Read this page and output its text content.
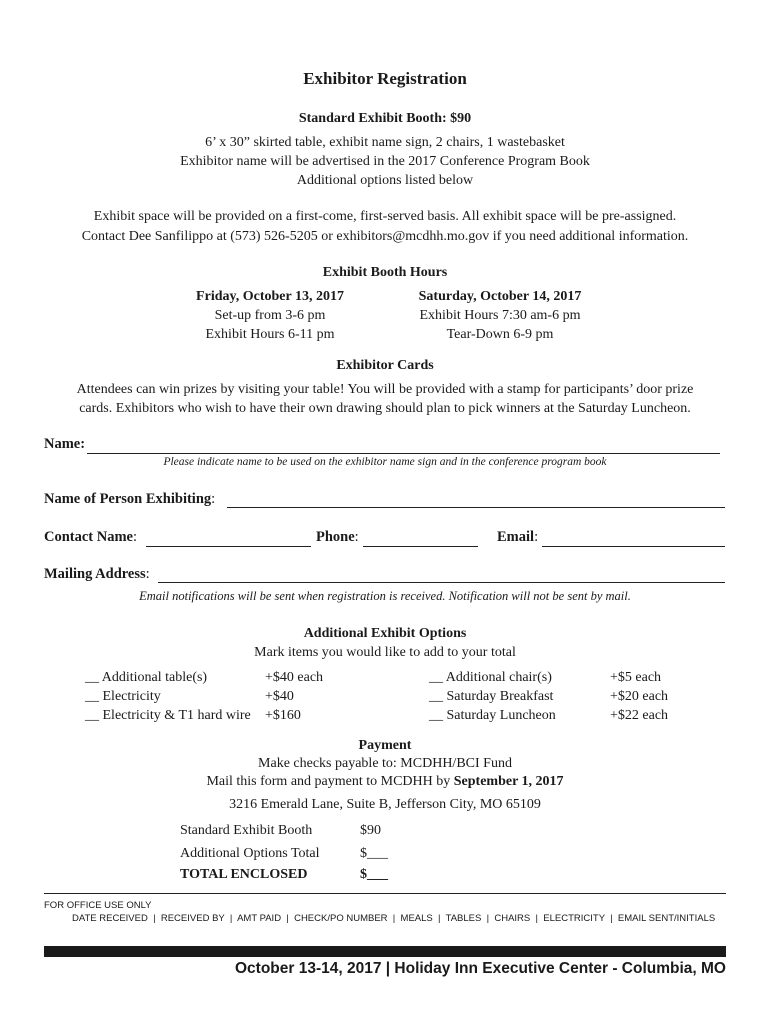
Exhibitor Registration
Standard Exhibit Booth: $90
6’ x 30” skirted table, exhibit name sign, 2 chairs, 1 wastebasket
Exhibitor name will be advertised in the 2017 Conference Program Book
Additional options listed below
Exhibit space will be provided on a first-come, first-served basis. All exhibit space will be pre-assigned.
Contact Dee Sanfilippo at (573) 526-5205 or exhibitors@mcdhh.mo.gov if you need additional information.
Exhibit Booth Hours
Friday, October 13, 2017
Set-up from 3-6 pm
Exhibit Hours 6-11 pm
Saturday, October 14, 2017
Exhibit Hours 7:30 am-6 pm
Tear-Down 6-9 pm
Exhibitor Cards
Attendees can win prizes by visiting your table! You will be provided with a stamp for participants’ door prize
cards. Exhibitors who wish to have their own drawing should plan to pick winners at the Saturday Luncheon.
Name:
Please indicate name to be used on the exhibitor name sign and in the conference program book
Name of Person Exhibiting:
Contact Name:	Phone:	Email:
Mailing Address:
Email notifications will be sent when registration is received. Notification will not be sent by mail.
Additional Exhibit Options
Mark items you would like to add to your total
__ Additional table(s)	+$40 each
__ Electricity	+$40
__ Electricity & T1 hard wire +$160
__ Additional chair(s)	+$5 each
__ Saturday Breakfast	+$20 each
__ Saturday Luncheon	+$22 each
Payment
Make checks payable to: MCDHH/BCI Fund
Mail this form and payment to MCDHH by September 1, 2017
3216 Emerald Lane, Suite B, Jefferson City, MO 65109
Standard Exhibit Booth	$90
Additional Options Total	$___
TOTAL ENCLOSED	$___
FOR OFFICE USE ONLY
DATE RECEIVED  |  RECEIVED BY  |  AMT PAID  |  CHECK/PO NUMBER  |  MEALS  |  TABLES  |  CHAIRS  |  ELECTRICITY  |  EMAIL SENT/INITIALS
October 13-14, 2017 | Holiday Inn Executive Center - Columbia, MO
